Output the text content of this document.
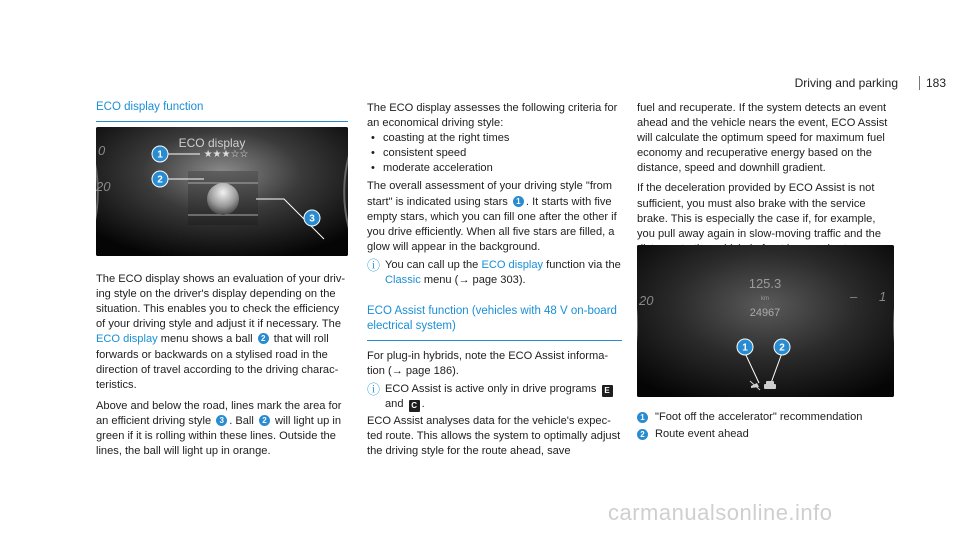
Driving and parking 183
ECO display function

The ECO display shows an evaluation of your driving style on the driver's display depending on the situation. This enables you to check the efficiency of your driving style and adjust it if necessary. The ECO display menu shows a ball 2 that will roll forwards or backwards on a stylised road in the direction of travel according to the driving characteristics.

Above and below the road, lines mark the area for an efficient driving style 3 . Ball 2 will light up in green if it is rolling within these lines. Outside the lines, the ball will light up in orange.

0
20
ECO display
★★★☆☆
1
2
3

The ECO display assesses the following criteria for an economical driving style:

• coasting at the right times
• consistent speed
• moderate acceleration

The overall assessment of your driving style "from start" is indicated using stars 1 . It starts with five empty stars, which you can fill one after the other if you drive efficiently. When all five stars are filled, a glow will appear in the background.

ⓘ You can call up the ECO display function via the Classic menu (→ page 303).

ECO Assist function (vehicles with 48 V on-board electrical system)

For plug-in hybrids, note the ECO Assist information (→ page 186).

ⓘ ECO Assist is active only in drive programs E and C .

ECO Assist analyses data for the vehicle's expected route. This allows the system to optimally adjust the driving style for the route ahead, save

fuel and recuperate. If the system detects an event ahead and the vehicle nears the event, ECO Assist will calculate the optimum speed for maximum fuel economy and recuperative energy based on the distance, speed and downhill gradient.

If the deceleration provided by ECO Assist is not sufficient, you must also brake with the service brake. This is especially the case if, for example, you pull away again in slow-moving traffic and the

20	1
–
125.3
km
24967
1	2
1 "Foot off the accelerator" recommendation
2 Route event ahead
carmanualsonline.info
